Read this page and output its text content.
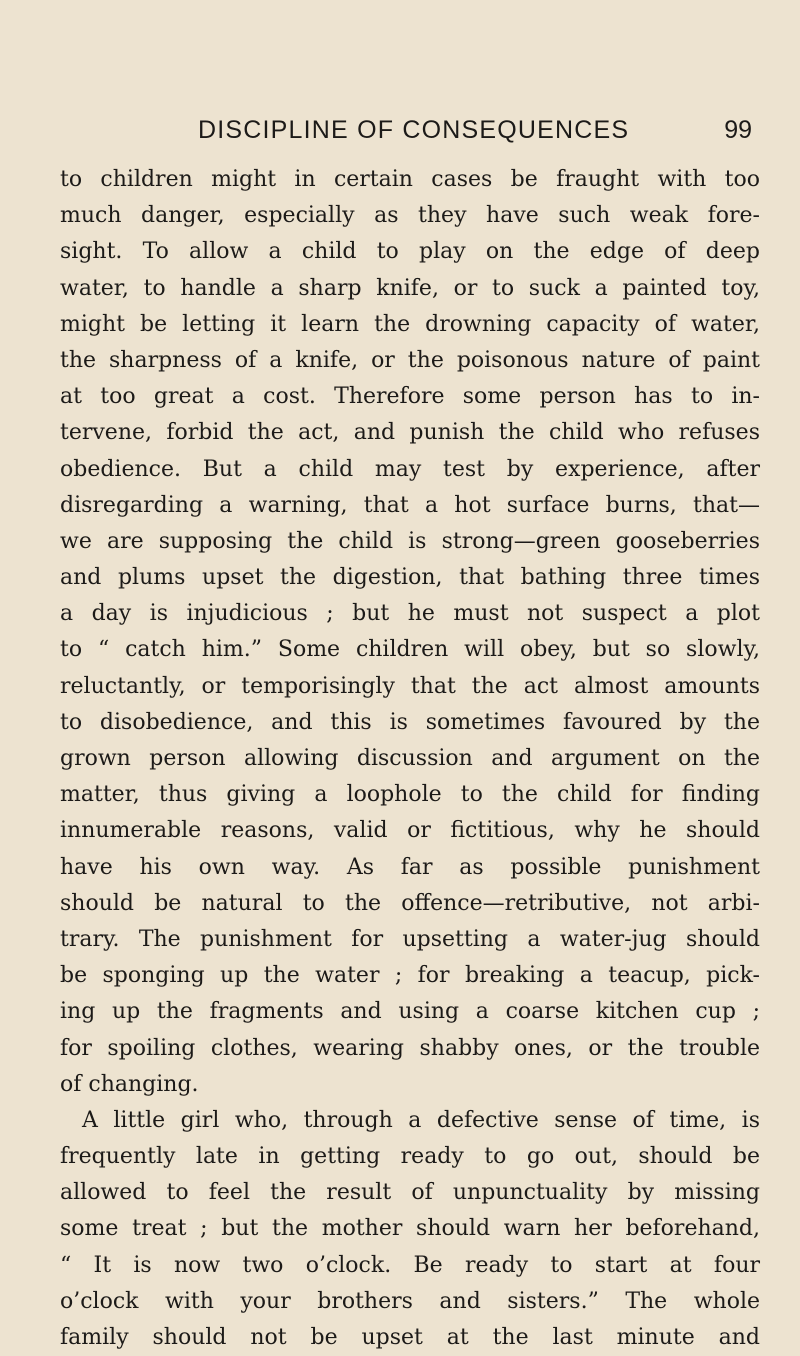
DISCIPLINE OF CONSEQUENCES	99
to children might in certain cases be fraught with too
much danger, especially as they have such weak fore-
sight. To allow a child to play on the edge of deep
water, to handle a sharp knife, or to suck a painted toy,
might be letting it learn the drowning capacity of water,
the sharpness of a knife, or the poisonous nature of paint
at too great a cost. Therefore some person has to in-
tervene, forbid the act, and punish the child who refuses
obedience. But a child may test by experience, after
disregarding a warning, that a hot surface burns, that—
we are supposing the child is strong—green gooseberries
and plums upset the digestion, that bathing three times
a day is injudicious ; but he must not suspect a plot
to “ catch him.” Some children will obey, but so slowly,
reluctantly, or temporisingly that the act almost amounts
to disobedience, and this is sometimes favoured by the
grown person allowing discussion and argument on the
matter, thus giving a loophole to the child for finding
innumerable reasons, valid or fictitious, why he should
have his own way. As far as possible punishment
should be natural to the offence—retributive, not arbi-
trary. The punishment for upsetting a water-jug should
be sponging up the water ; for breaking a teacup, pick-
ing up the fragments and using a coarse kitchen cup ;
for spoiling clothes, wearing shabby ones, or the trouble
of changing.
A little girl who, through a defective sense of time, is
frequently late in getting ready to go out, should be
allowed to feel the result of unpunctuality by missing
some treat ; but the mother should warn her beforehand,
“ It is now two o’clock. Be ready to start at four
o’clock with your brothers and sisters.” The whole
family should not be upset at the last minute and
